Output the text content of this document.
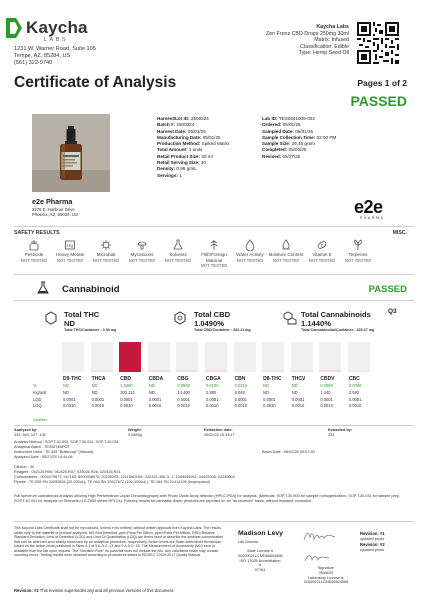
Kaycha
LABS
1231 W. Warner Road, Suite 105
Tempe, AZ, 85284, US
(561) 322-9740
Certificate of Analysis
Kaycha Labs
Zen Frenz CBD Drops 250mg 30ml
Matrix: Infused
Classification: Edible
Type: Hemp Seed Oil
Pages 1 of 2
PASSED
Harvest/Lot ID: 2500324
Batch #: 2500324
Harvest Date: 05/01/25
Manufacturing Date: 05/01/25
Production Method: Spiked Matrix
Total Amount: 1 units
Retail Product Size: 30 ml
Retail Serving Size: 30
Density: 0.96 g/mL
Servings: 1
Lab ID: TES0501009-003
Ordered: 05/01/25
Sampled Date: 05/01/25
Sample Collection Time: 02:00 PM
Sample Size: 29.46 gram
Completed: 05/06/25
Revised: 05/27/25
e2e Pharma
3279 E. Harbour Drive
Phoenix, AZ, 85034, US	e2e
PHARMA
SAFETY RESULTS	MISC.
Pesticide
NOT TESTED
Hg
Heavy Metals
NOT TESTED
Microbial
NOT TESTED
Mycotoxins
NOT TESTED
Solvents
NOT TESTED
Filth/Foreign Material
NOT TESTED
Water Activity
NOT TESTED
Moisture Content
NOT TESTED
E
Vitamin E
NOT TESTED
Terpenes
NOT TESTED
Cannabinoid	PASSED
Total THC
ND
Total THC/Container : 0.00 mg
Total CBD
1.0490%
Total CBD/Container : 302.11 mg
Total Cannabinoids
1.1440%
Total Cannabinoids/Container : 329.47 mg
Q3
D9-THC	THCA	CBD	CBDA	CBG	CBGA	CBN	D8-THC	THCV	CBDV	CBC
%	ND	ND	1.0490	ND	0.0500	0.0100	0.0213	ND	ND	0.0050	0.0090
mg/unit	ND	ND	302.112	ND	14.400	2.880	6.048	ND	ND	1.440	2.592
LOD	0.0001	0.0001	0.0001	0.0001	0.0001	0.0001	0.0001	0.0001	0.0001	0.0001	0.0001
LOQ	0.0010	0.0010	0.0010	0.0010	0.0010	0.0010	0.0010	0.0010	0.0010	0.0010	0.0010
Qualifier
Analyzed by:
333, 540, 147, 136
Weight:
3.0583g
Extraction date:
05/02/25 16:33:47
Extracted by:
333
Analysis Method : SOP.T.30.500, SOP.T.30.031, SOP.T.40.031
Analytical Batch : TE00874BPOT
Instrument Used : TE-345 "Buttercup" (Infused)
Analyzed Date : 05/27/25 14:44:08
Batch Date : 05/02/25 09:57:30
Dilution : 40
Reagent : 042125.R06; 042825.R07; 033025.R26; 020425.R21
Consumables : 000017967T; 947162; 8000038072; 20240202; 12115ADH01; 220321-306-D; 1; 1009946952; 04402006; 02240003
Pipette : TE-059 SN 20290526 (20-200uL); TE-064 SN 20927672 (100-1000uL); TE-164 SN 21414199 (Isopropanol)
Full spectrum cannabinoid analysis utilizing High Performance Liquid Chromatography with Photo Diode Array detector (HPLC-PDA) for analysis. (Methods: SOP.T.30.500 for sample homogenization, SOP.T.30.031 for sample prep, SOP.T.40.031 for analysis on Shimadzu LC-2050 series HPLCs). Potency results for cannabis flower products are reported on an "as received" basis, without moisture correction.
This Kaycha Labs Certificate shall not be reproduced, unless in its entirety, without written approval from Kaycha Labs. The results relate only to the material or product analyzed. ND=Not Detected, ppb=Parts Per Billion, ppm=Parts Per Million, RSD=Relative Standard Deviation, Limit of Detection (LOD) and Limit Of Quantitation (LOQ) are terms used to describe the smallest concentration that can be detected and reliably measured by an analytical procedure, respectively. Action levels are State-determined thresholds based on the action limits published in Table 3.1 of 9 A.A.C. 13 and 9 A.A.C. 18. The Measurement of Uncertainty (MU) error is available from the lab upon request. The "Decision Rule" for pass/fail does not include the MU. Any calculated totals may contain rounding errors. Testing results were obtained according to procedures stated in ISO/IEC 17025:2017 Quality Manual.
Madison Levy
Lab Director
Revision: #1
updated photo
Revision: #2
updated photo
State License #
00000021LCMD66604568
ISO 17025 Accreditation #
97164
Signature
05/06/25
Laboratory License #:
00000021LCMD66604568
Revision: #2 This revision supersedes any and all previous versions of this document.
